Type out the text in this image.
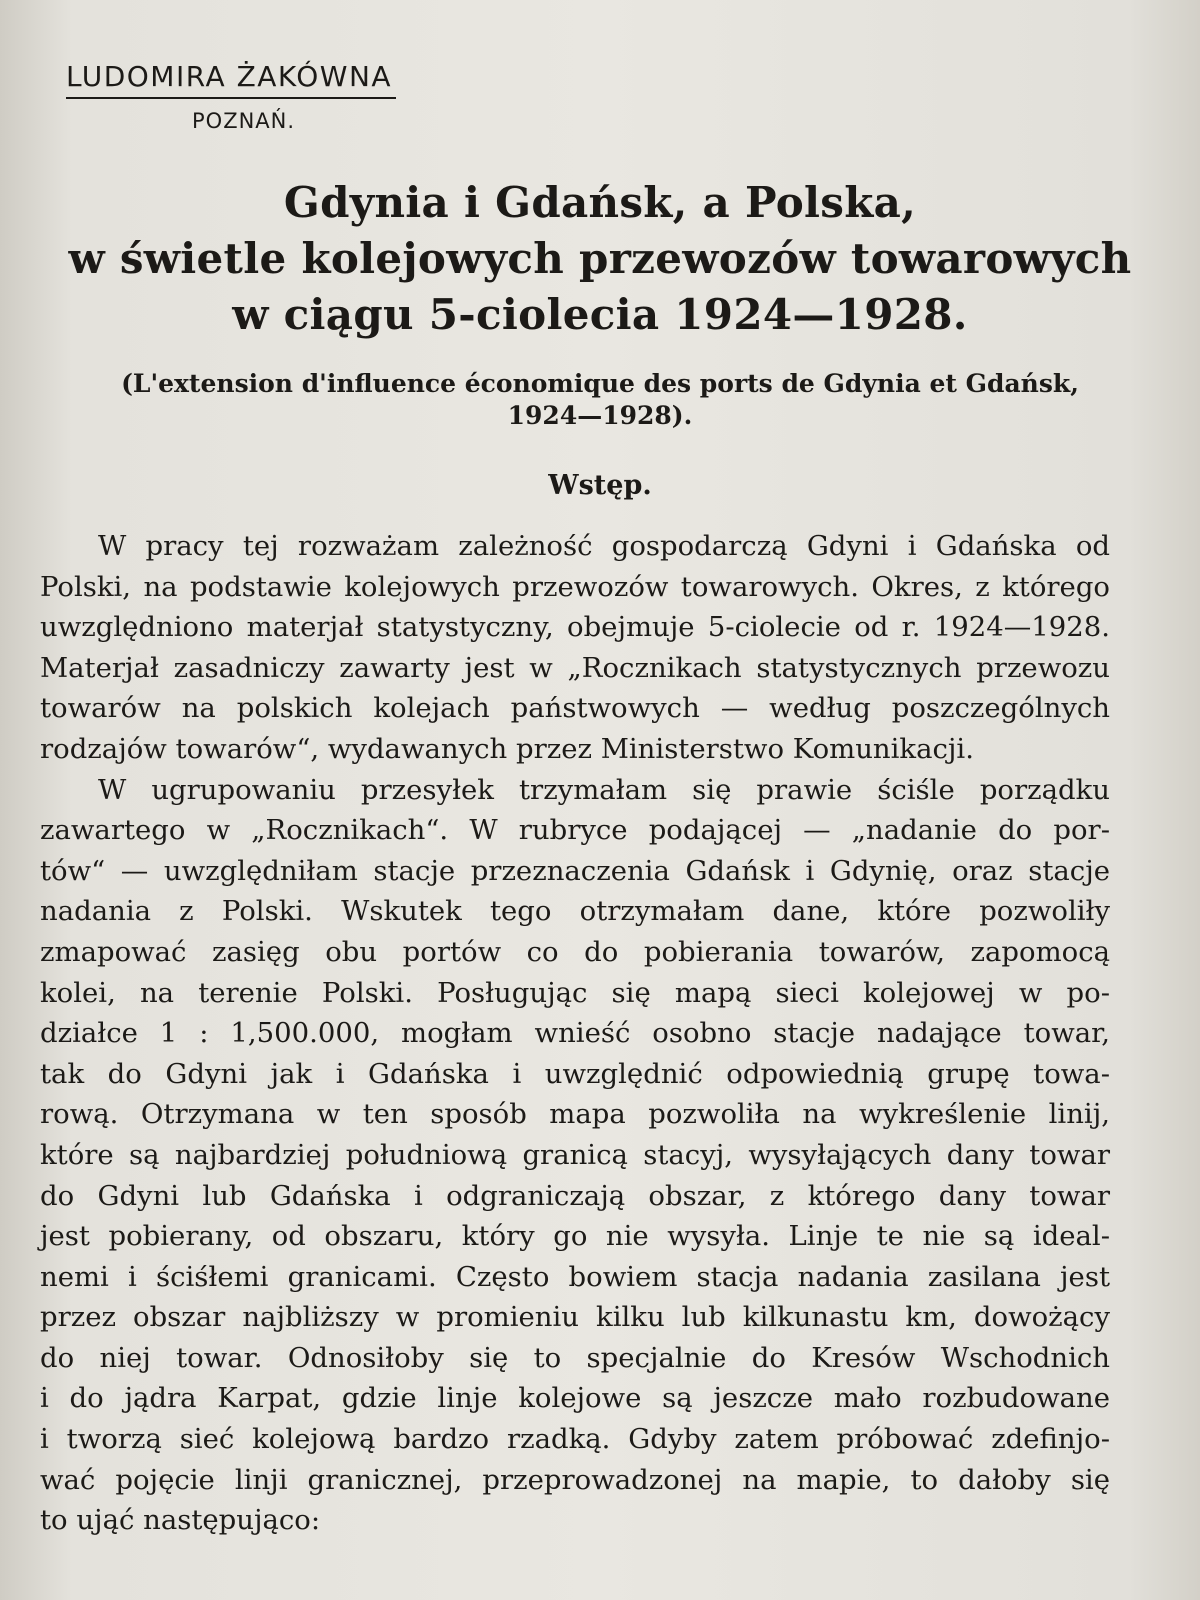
LUDOMIRA ŻAKÓWNA
POZNAŃ.
Gdynia i Gdańsk, a Polska,
w świetle kolejowych przewozów towarowych
w ciągu 5-ciolecia 1924—1928.
(L'extension d'influence économique des ports de Gdynia et Gdańsk,
1924—1928).
Wstęp.
W pracy tej rozważam zależność gospodarczą Gdyni i Gdańska od
Polski, na podstawie kolejowych przewozów towarowych. Okres, z którego
uwzględniono materjał statystyczny, obejmuje 5-ciolecie od r. 1924—1928.
Materjał zasadniczy zawarty jest w „Rocznikach statystycznych przewozu
towarów na polskich kolejach państwowych — według poszczególnych
rodzajów towarów“, wydawanych przez Ministerstwo Komunikacji.
W ugrupowaniu przesyłek trzymałam się prawie ściśle porządku
zawartego w „Rocznikach“. W rubryce podającej — „nadanie do por-
tów“ — uwzględniłam stacje przeznaczenia Gdańsk i Gdynię, oraz stacje
nadania z Polski. Wskutek tego otrzymałam dane, które pozwoliły
zmapować zasięg obu portów co do pobierania towarów, zapomocą
kolei, na terenie Polski. Posługując się mapą sieci kolejowej w po-
działce 1 : 1,500.000, mogłam wnieść osobno stacje nadające towar,
tak do Gdyni jak i Gdańska i uwzględnić odpowiednią grupę towa-
rową. Otrzymana w ten sposób mapa pozwoliła na wykreślenie linij,
które są najbardziej południową granicą stacyj, wysyłających dany towar
do Gdyni lub Gdańska i odgraniczają obszar, z którego dany towar
jest pobierany, od obszaru, który go nie wysyła. Linje te nie są ideal-
nemi i ściśłemi granicami. Często bowiem stacja nadania zasilana jest
przez obszar najbliższy w promieniu kilku lub kilkunastu km, dowożący
do niej towar. Odnosiłoby się to specjalnie do Kresów Wschodnich
i do jądra Karpat, gdzie linje kolejowe są jeszcze mało rozbudowane
i tworzą sieć kolejową bardzo rzadką. Gdyby zatem próbować zdefinjo-
wać pojęcie linji granicznej, przeprowadzonej na mapie, to dałoby się
to ująć następująco:
